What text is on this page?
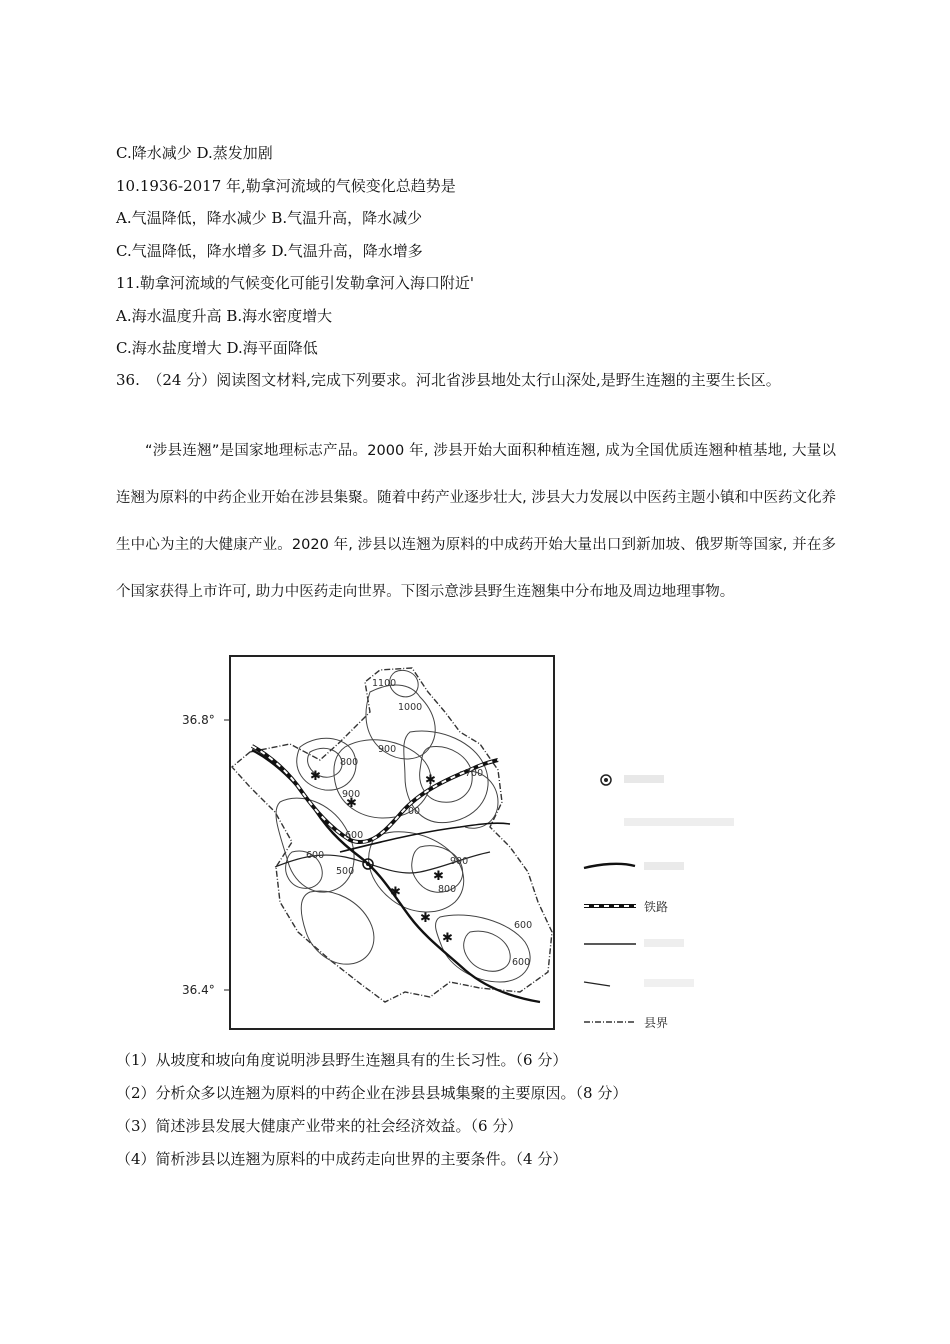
C.降水减少 D.蒸发加剧
10.1936-2017 年,勒拿河流域的气候变化总趋势是
A.气温降低，降水减少 B.气温升高，降水减少
C.气温降低，降水增多 D.气温升高，降水增多
11.勒拿河流域的气候变化可能引发勒拿河入海口附近'
A.海水温度升高 B.海水密度增大
C.海水盐度增大 D.海平面降低
36.　（24 分）阅读图文材料,完成下列要求。河北省涉县地处太行山深处,是野生连翘的主要生长区。
“涉县连翘”是国家地理标志产品。2000 年, 涉县开始大面积种植连翘, 成为全国优质连翘种植基地, 大量以连翘为原料的中药企业开始在涉县集聚。随着中药产业逐步壮大, 涉县大力发展以中医药主题小镇和中医药文化养生中心为主的大健康产业。2020 年, 涉县以连翘为原料的中成药开始大量出口到新加坡、俄罗斯等国家, 并在多个国家获得上市许可, 助力中医药走向世界。下图示意涉县野生连翘集中分布地及周边地理事物。
36.8°
36.4°
✱	✱
✱
✱
✱
✱
✱
1100
1000
900
800
900
700
00
600
600
500
900
800
600
600
铁路
县界
（1）从坡度和坡向角度说明涉县野生连翘具有的生长习性。（6 分）
（2）分析众多以连翘为原料的中药企业在涉县县城集聚的主要原因。（8 分）
（3）简述涉县发展大健康产业带来的社会经济效益。（6 分）
（4）简析涉县以连翘为原料的中成药走向世界的主要条件。（4 分）
